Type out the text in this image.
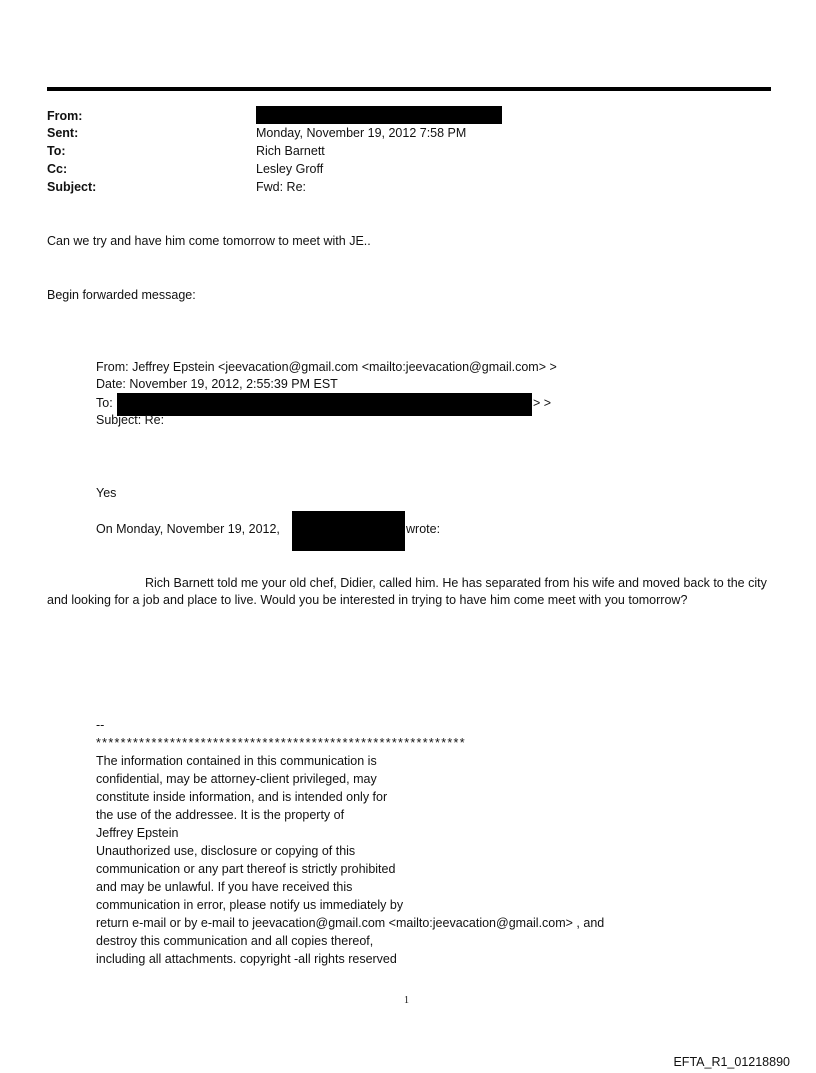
From:
Sent:	Monday, November 19, 2012 7:58 PM
To:	Rich Barnett
Cc:	Lesley Groff
Subject:	Fwd: Re:
Can we try and have him come tomorrow to meet with JE..
Begin forwarded message:
From: Jeffrey Epstein <jeevacation@gmail.com <mailto:jeevacation@gmail.com> >
Date: November 19, 2012, 2:55:39 PM EST
To:	> >
Subject: Re:
Yes
On Monday, November 19, 2012,	wrote:
Rich Barnett told me your old chef, Didier, called him. He has separated from his wife and moved back to the city and looking for a job and place to live. Would you be interested in trying to have him come meet with you tomorrow?
--
************************************************************
The information contained in this communication is
confidential, may be attorney-client privileged, may
constitute inside information, and is intended only for
the use of the addressee. It is the property of
Jeffrey Epstein
Unauthorized use, disclosure or copying of this
communication or any part thereof is strictly prohibited
and may be unlawful. If you have received this
communication in error, please notify us immediately by
return e-mail or by e-mail to jeevacation@gmail.com <mailto:jeevacation@gmail.com> , and
destroy this communication and all copies thereof,
including all attachments. copyright -all rights reserved
1
EFTA_R1_01218890
